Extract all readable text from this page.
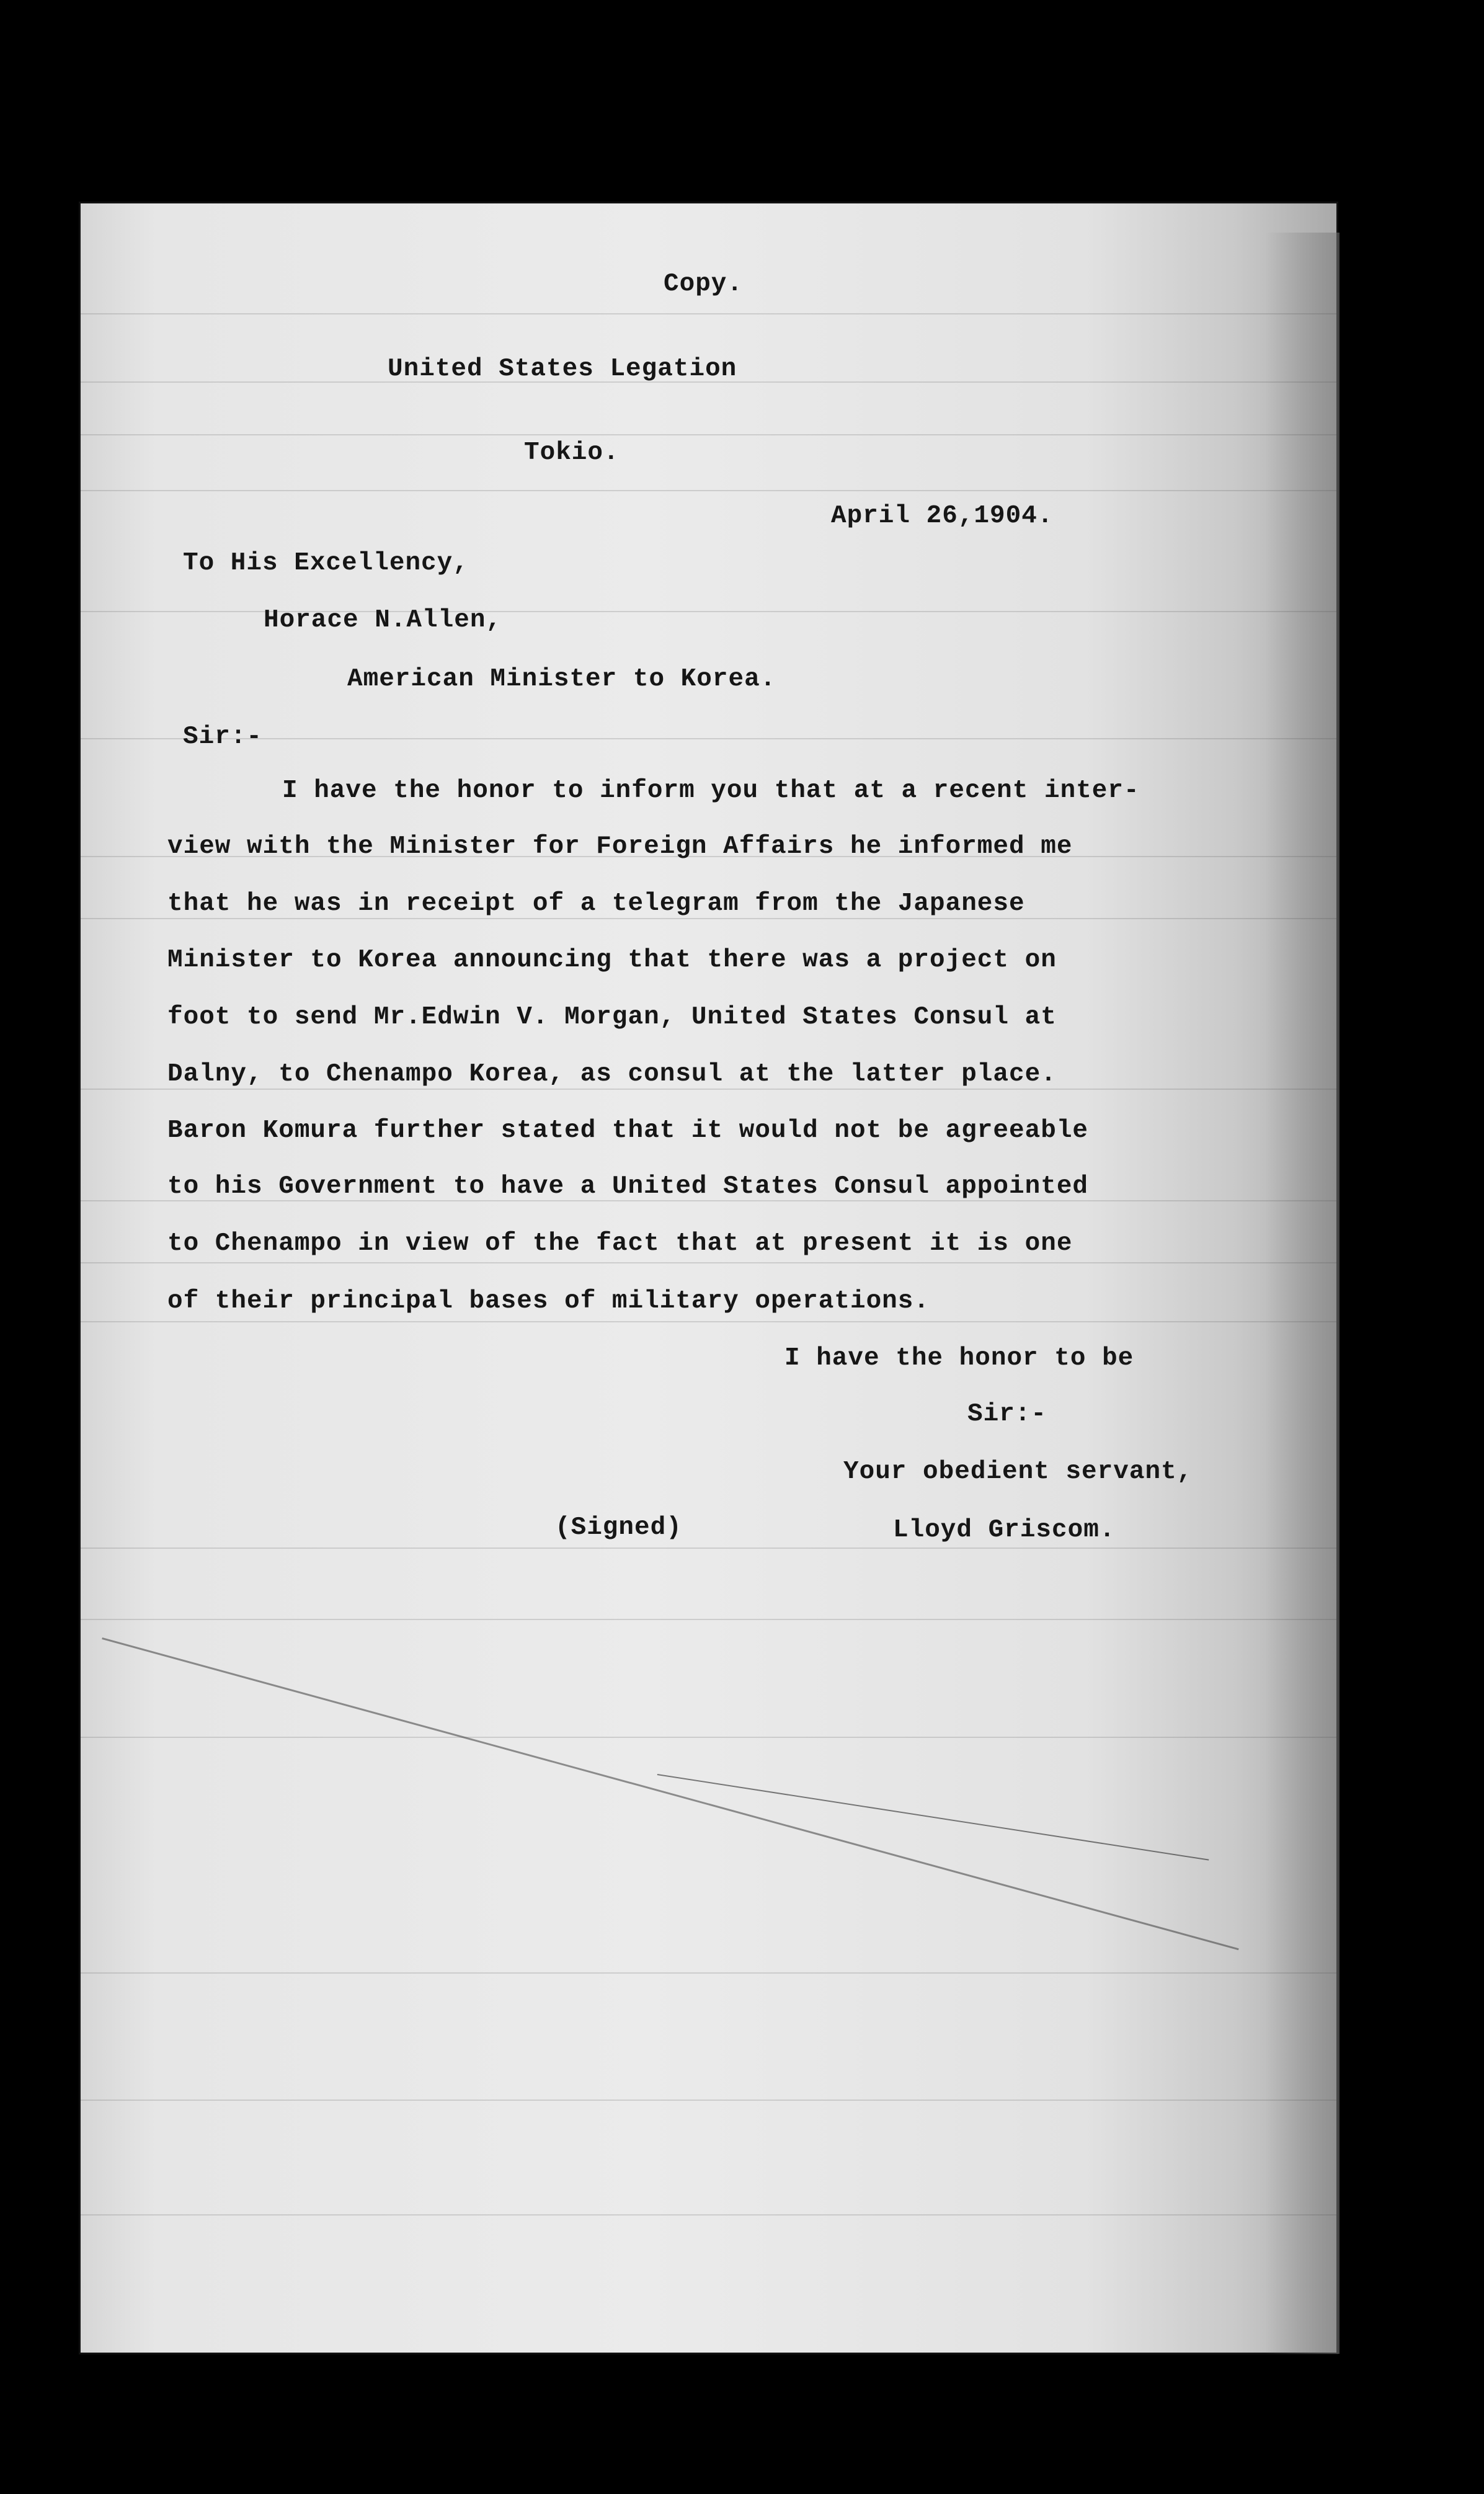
Copy.
United States Legation
Tokio.
April 26,1904.
To His Excellency,
Horace N.Allen,
American Minister to Korea.
Sir:-
I have the honor to inform you that at a recent inter-
view with the Minister for Foreign Affairs he informed me
that he was in receipt of a telegram from the Japanese
Minister to Korea announcing that there was a project on
foot to send Mr.Edwin V. Morgan, United States Consul at
Dalny, to Chenampo Korea, as consul at the latter place.
Baron Komura further stated that it would not be agreeable
to his Government to have a United States Consul appointed
to Chenampo in view of the fact that at present it is one
of their principal bases of military operations.
I have the honor to be
Sir:-
Your obedient servant,
(Signed)	Lloyd Griscom.
